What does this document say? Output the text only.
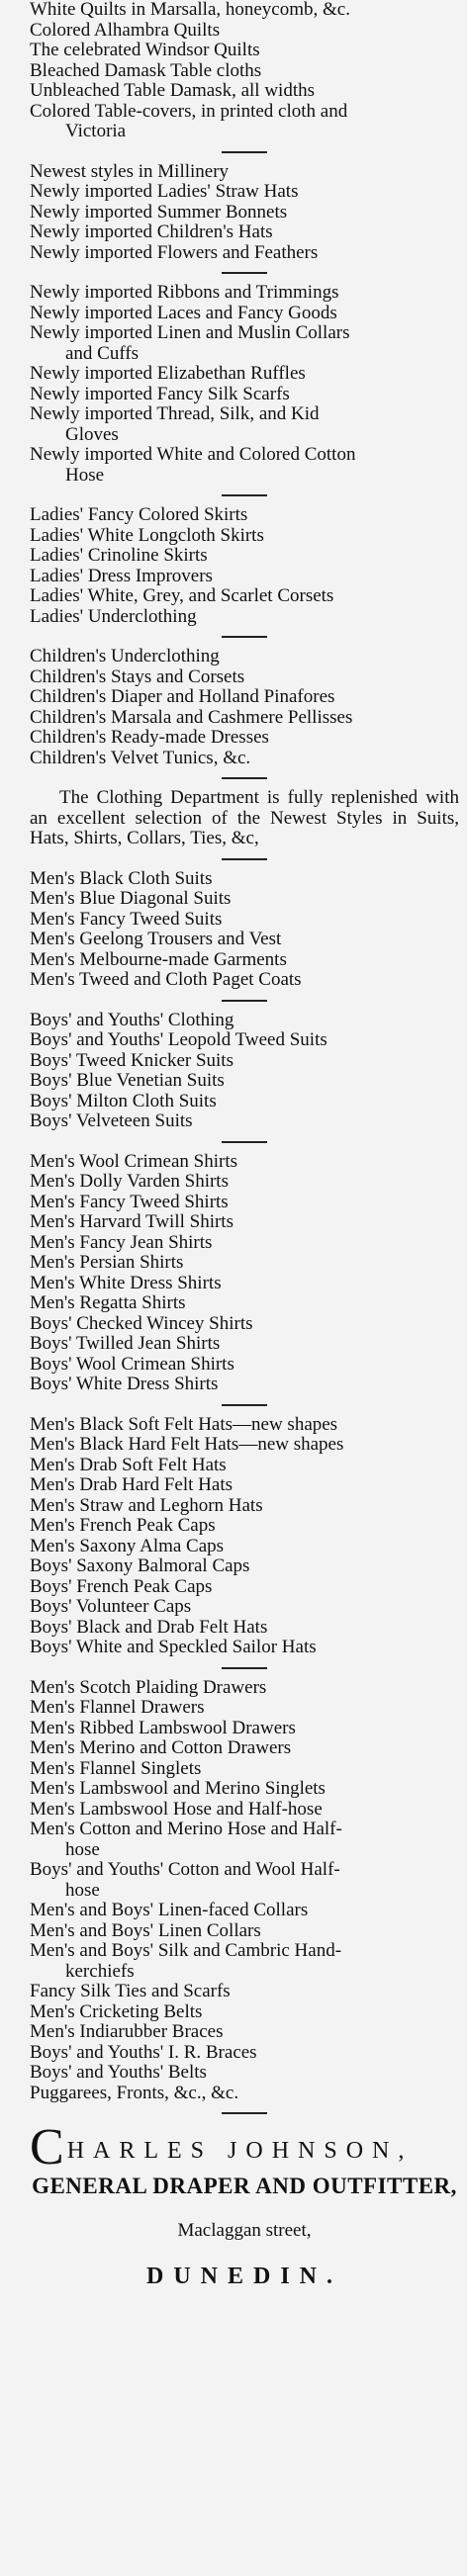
White Quilts in Marsalla, honeycomb, &c.
Colored Alhambra Quilts
The celebrated Windsor Quilts
Bleached Damask Table cloths
Unbleached Table Damask, all widths
Colored Table-covers, in printed cloth and
Victoria
Newest styles in Millinery
Newly imported Ladies' Straw Hats
Newly imported Summer Bonnets
Newly imported Children's Hats
Newly imported Flowers and Feathers
Newly imported Ribbons and Trimmings
Newly imported Laces and Fancy Goods
Newly imported Linen and Muslin Collars
and Cuffs
Newly imported Elizabethan Ruffles
Newly imported Fancy Silk Scarfs
Newly imported Thread, Silk, and Kid
Gloves
Newly imported White and Colored Cotton
Hose
Ladies' Fancy Colored Skirts
Ladies' White Longcloth Skirts
Ladies' Crinoline Skirts
Ladies' Dress Improvers
Ladies' White, Grey, and Scarlet Corsets
Ladies' Underclothing
Children's Underclothing
Children's Stays and Corsets
Children's Diaper and Holland Pinafores
Children's Marsala and Cashmere Pellisses
Children's Ready-made Dresses
Children's Velvet Tunics, &c.

The Clothing Department is fully replenished with an excellent selection of the Newest Styles in Suits, Hats, Shirts, Collars, Ties, &c,

Men's Black Cloth Suits
Men's Blue Diagonal Suits
Men's Fancy Tweed Suits
Men's Geelong Trousers and Vest
Men's Melbourne-made Garments
Men's Tweed and Cloth Paget Coats
Boys' and Youths' Clothing
Boys' and Youths' Leopold Tweed Suits
Boys' Tweed Knicker Suits
Boys' Blue Venetian Suits
Boys' Milton Cloth Suits
Boys' Velveteen Suits
Men's Wool Crimean Shirts
Men's Dolly Varden Shirts
Men's Fancy Tweed Shirts
Men's Harvard Twill Shirts
Men's Fancy Jean Shirts
Men's Persian Shirts
Men's White Dress Shirts
Men's Regatta Shirts
Boys' Checked Wincey Shirts
Boys' Twilled Jean Shirts
Boys' Wool Crimean Shirts
Boys' White Dress Shirts
Men's Black Soft Felt Hats—new shapes
Men's Black Hard Felt Hats—new shapes
Men's Drab Soft Felt Hats
Men's Drab Hard Felt Hats
Men's Straw and Leghorn Hats
Men's French Peak Caps
Men's Saxony Alma Caps
Boys' Saxony Balmoral Caps
Boys' French Peak Caps
Boys' Volunteer Caps
Boys' Black and Drab Felt Hats
Boys' White and Speckled Sailor Hats
Men's Scotch Plaiding Drawers
Men's Flannel Drawers
Men's Ribbed Lambswool Drawers
Men's Merino and Cotton Drawers
Men's Flannel Singlets
Men's Lambswool and Merino Singlets
Men's Lambswool Hose and Half-hose
Men's Cotton and Merino Hose and Half-
hose
Boys' and Youths' Cotton and Wool Half-
hose
Men's and Boys' Linen-faced Collars
Men's and Boys' Linen Collars
Men's and Boys' Silk and Cambric Hand-
kerchiefs
Fancy Silk Ties and Scarfs
Men's Cricketing Belts
Men's Indiarubber Braces
Boys' and Youths' I. R. Braces
Boys' and Youths' Belts
Puggarees, Fronts, &c., &c.
CHARLES JOHNSON,
GENERAL DRAPER AND OUTFITTER,
Maclaggan street,
DUNEDIN.
